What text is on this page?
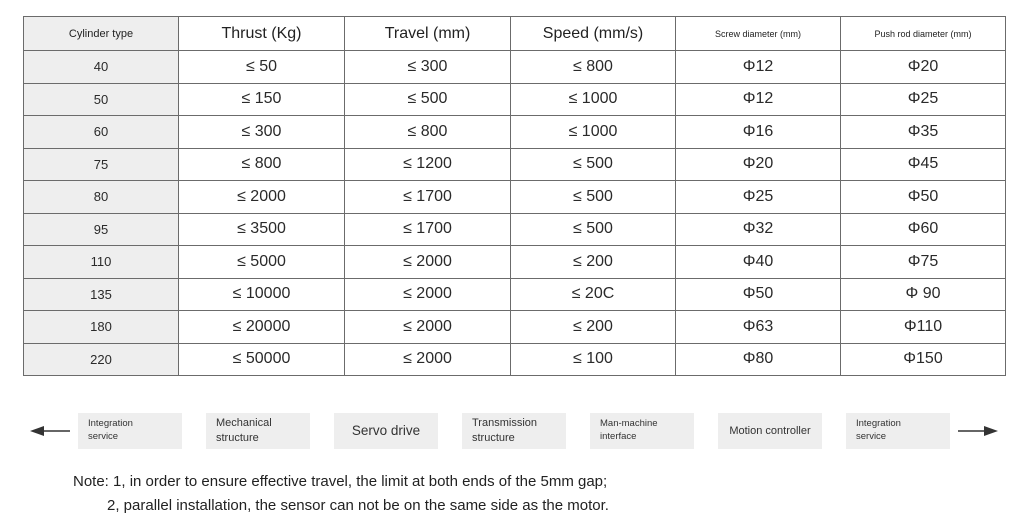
Cylinder type	Thrust (Kg)	Travel (mm)	Speed (mm/s)	Screw diameter (mm)	Push rod diameter (mm)
40	≤ 50	≤ 300	≤ 800	Φ12	Φ20
50	≤ 150	≤ 500	≤ 1000	Φ12	Φ25
60	≤ 300	≤ 800	≤ 1000	Φ16	Φ35
75	≤ 800	≤ 1200	≤ 500	Φ20	Φ45
80	≤ 2000	≤ 1700	≤ 500	Φ25	Φ50
95	≤ 3500	≤ 1700	≤ 500	Φ32	Φ60
110	≤ 5000	≤ 2000	≤ 200	Φ40	Φ75
135	≤ 10000	≤ 2000	≤ 20C	Φ50	Φ 90
180	≤ 20000	≤ 2000	≤ 200	Φ63	Φ110
220	≤ 50000	≤ 2000	≤ 100	Φ80	Φ150
Integration
service
Mechanical
structure
Servo drive	Transmission
structure
Man-machine
interface	Motion controller
Integration
service
Note: 1, in order to ensure effective travel, the limit at both ends of the 5mm gap;
2, parallel installation, the sensor can not be on the same side as the motor.
